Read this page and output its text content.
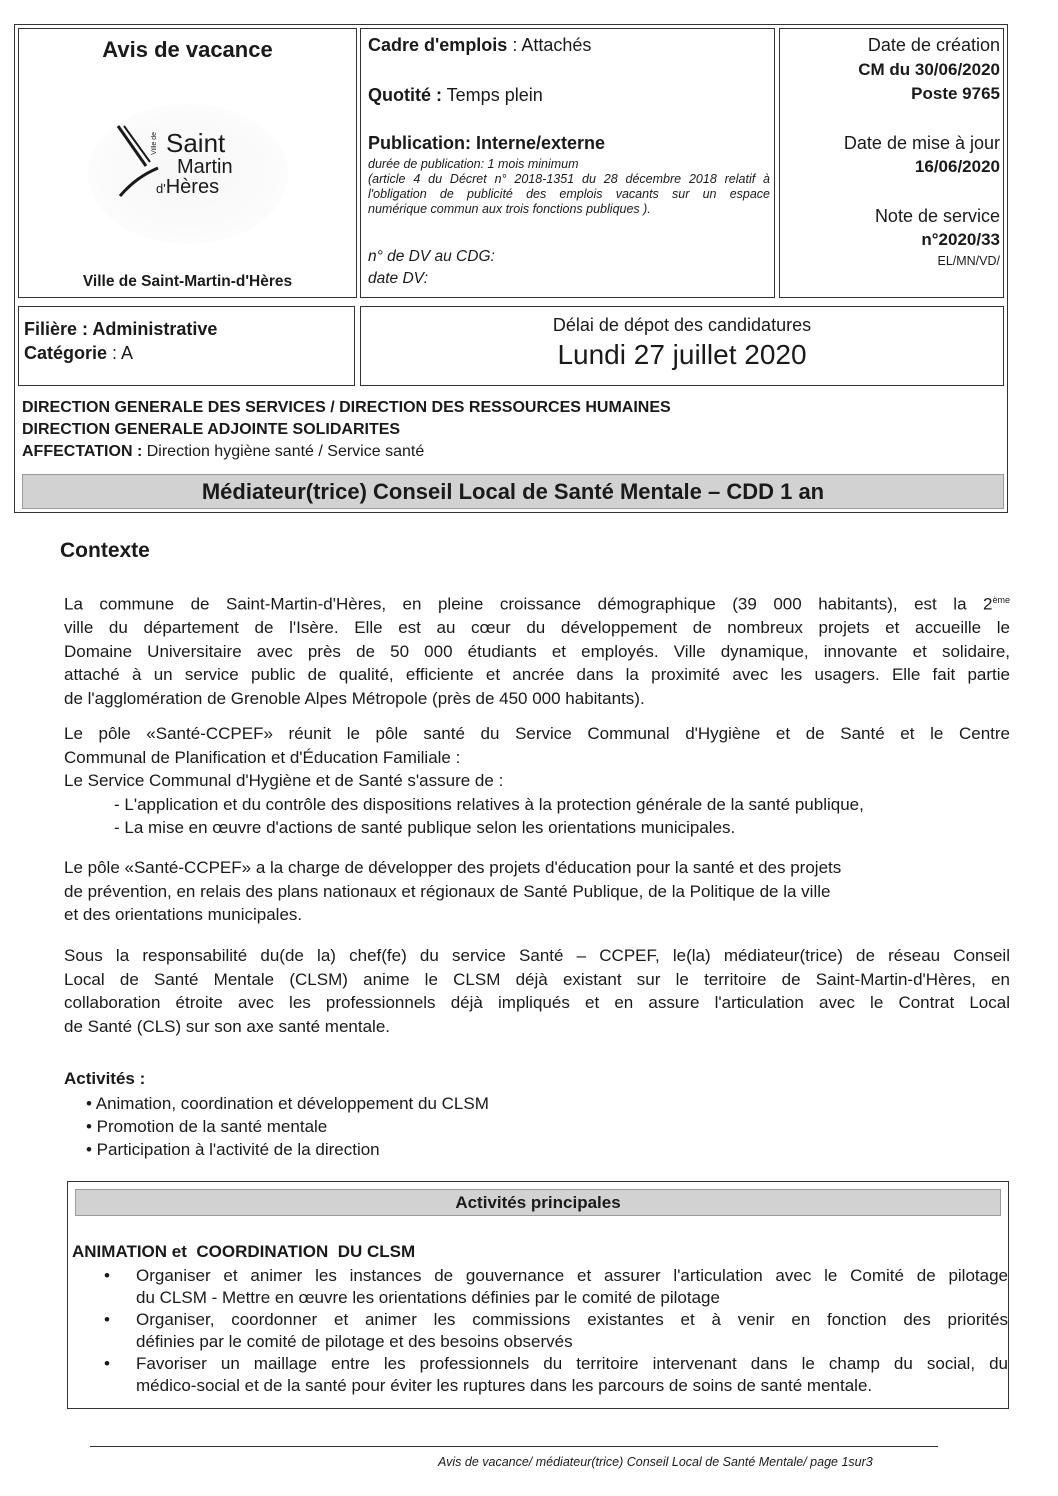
Avis de vacance
Ville de Saint
Martin
d'Hères
Ville de Saint-Martin-d'Hères
Cadre d'emplois : Attachés
Quotité : Temps plein
Publication: Interne/externe
durée de publication: 1 mois minimum
(article 4 du Décret n° 2018-1351 du 28 décembre 2018 relatif à
l'obligation de publicité des emplois vacants sur un espace
numérique commun aux trois fonctions publiques ).
n° de DV au CDG:
date DV:
Date de création
CM du 30/06/2020
Poste 9765
Date de mise à jour
16/06/2020
Note de service
n°2020/33
EL/MN/VD/
Filière : Administrative
Catégorie : A
Délai de dépot des candidatures
Lundi 27 juillet 2020
DIRECTION GENERALE DES SERVICES / DIRECTION DES RESSOURCES HUMAINES
DIRECTION GENERALE ADJOINTE SOLIDARITES
AFFECTATION : Direction hygiène santé / Service santé
Médiateur(trice) Conseil Local de Santé Mentale – CDD 1 an
Contexte

La commune de Saint-Martin-d'Hères, en pleine croissance démographique (39 000 habitants), est la 2ème

ville du département de l'Isère. Elle est au cœur du développement de nombreux projets et accueille le

Domaine Universitaire avec près de 50 000 étudiants et employés. Ville dynamique, innovante et solidaire,

attaché à un service public de qualité, efficiente et ancrée dans la proximité avec les usagers. Elle fait partie

de l'agglomération de Grenoble Alpes Métropole (près de 450 000 habitants).

Le pôle «Santé-CCPEF» réunit le pôle santé du Service Communal d'Hygiène et de Santé et le Centre

Communal de Planification et d'Éducation Familiale :

Le Service Communal d'Hygiène et de Santé s'assure de :

- L'application et du contrôle des dispositions relatives à la protection générale de la santé publique,

- La mise en œuvre d'actions de santé publique selon les orientations municipales.

Le pôle «Santé-CCPEF» a la charge de développer des projets d'éducation pour la santé et des projets

de prévention, en relais des plans nationaux et régionaux de Santé Publique, de la Politique de la ville

et des orientations municipales.

Sous la responsabilité du(de la) chef(fe) du service Santé – CCPEF, le(la) médiateur(trice) de réseau Conseil

Local de Santé Mentale (CLSM) anime le CLSM déjà existant sur le territoire de Saint-Martin-d'Hères, en

collaboration étroite avec les professionnels déjà impliqués et en assure l'articulation avec le Contrat Local

de Santé (CLS) sur son axe santé mentale.

Activités :
• Animation, coordination et développement du CLSM
• Promotion de la santé mentale
• Participation à l'activité de la direction
Activités principales
ANIMATION et  COORDINATION  DU CLSM
• Organiser et animer les instances de gouvernance et assurer l'articulation avec le Comité de pilotage
du CLSM - Mettre en œuvre les orientations définies par le comité de pilotage
• Organiser, coordonner et animer les commissions existantes et à venir en fonction des priorités
définies par le comité de pilotage et des besoins observés
• Favoriser un maillage entre les professionnels du territoire intervenant dans le champ du social, du
médico-social et de la santé pour éviter les ruptures dans les parcours de soins de santé mentale.
Avis de vacance/ médiateur(trice) Conseil Local de Santé Mentale/ page 1sur3
